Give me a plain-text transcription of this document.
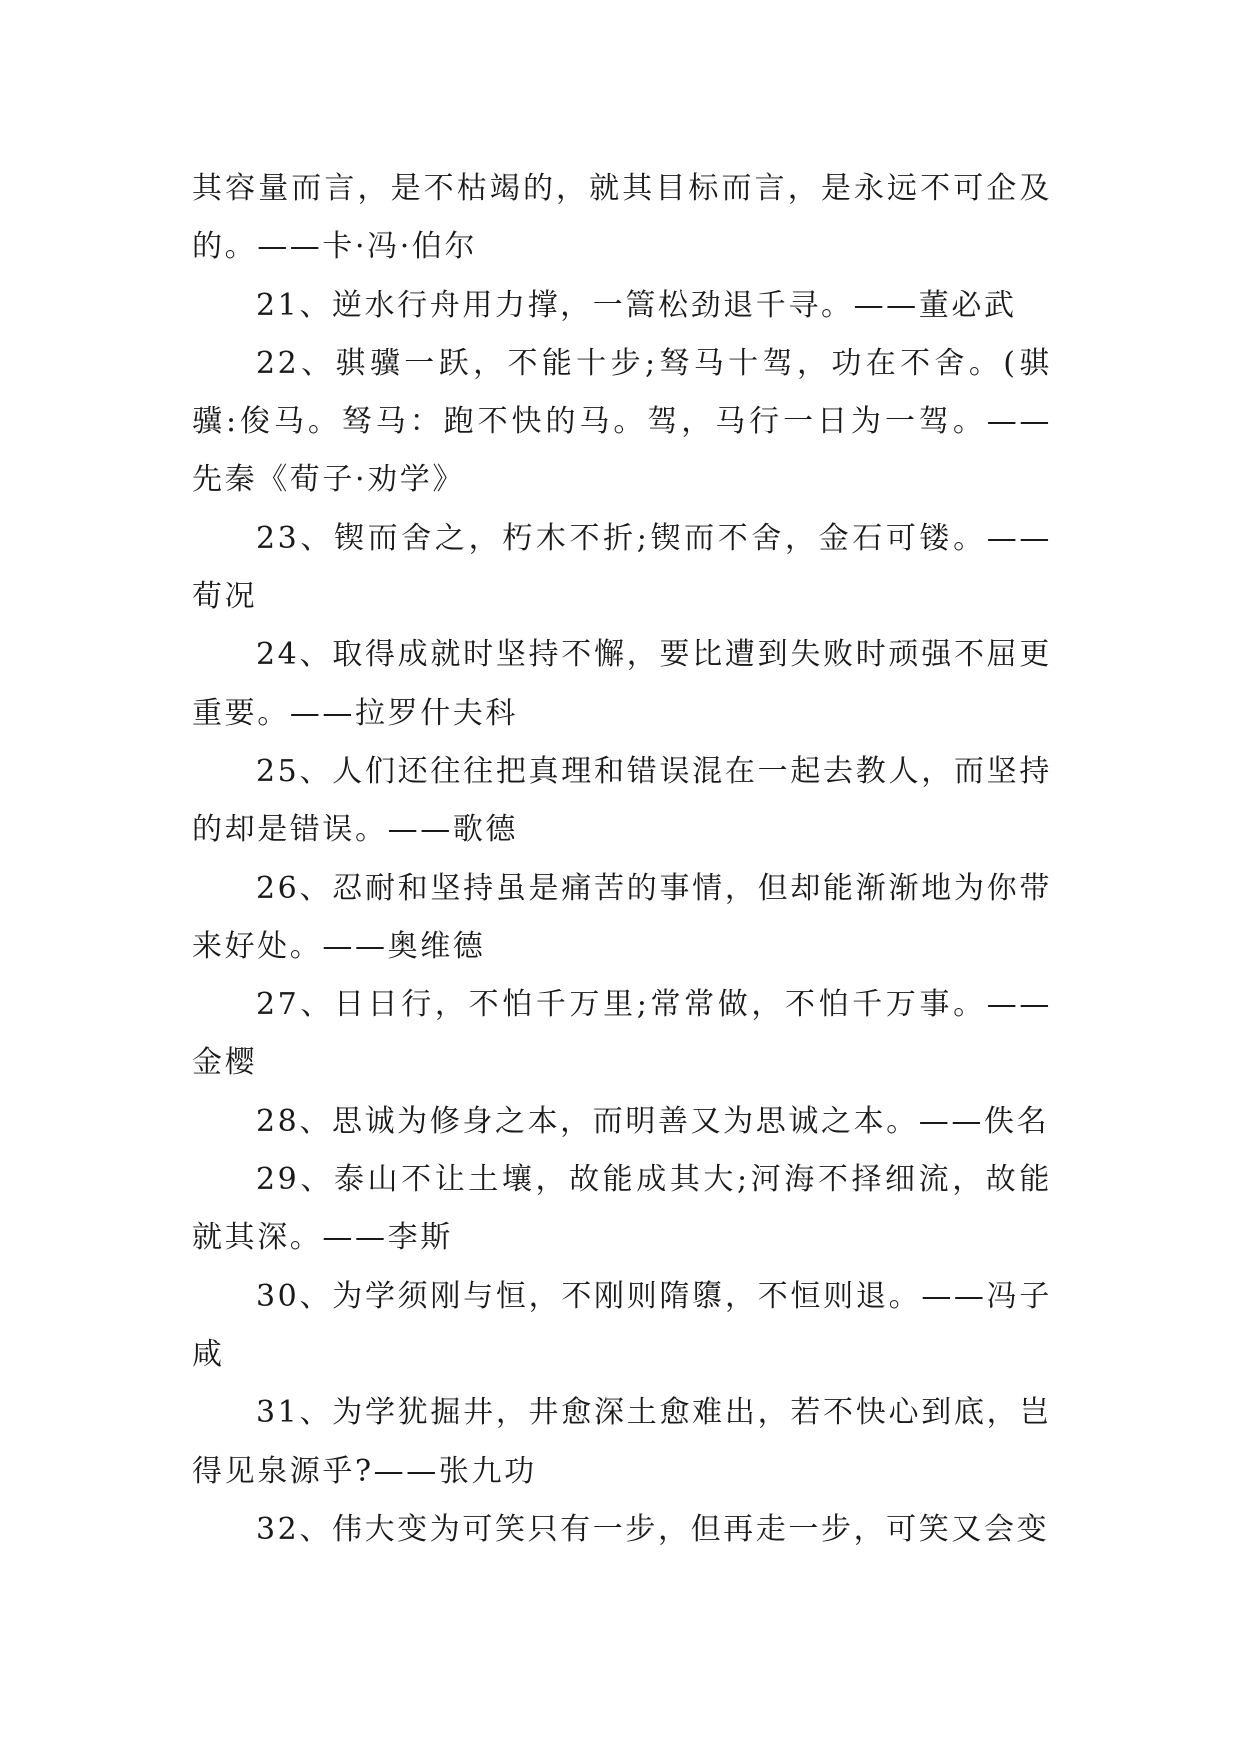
其容量而言，是不枯竭的，就其目标而言，是永远不可企及的。——卡·冯·伯尔

21、逆水行舟用力撑，一篙松劲退千寻。——董必武

22、骐骥一跃，不能十步;驽马十驾，功在不舍。(骐骥:俊马。驽马：跑不快的马。驾，马行一日为一驾。——先秦《荀子·劝学》

23、锲而舍之，朽木不折;锲而不舍，金石可镂。——荀况

24、取得成就时坚持不懈，要比遭到失败时顽强不屈更重要。——拉罗什夫科

25、人们还往往把真理和错误混在一起去教人，而坚持的却是错误。——歌德

26、忍耐和坚持虽是痛苦的事情，但却能渐渐地为你带来好处。——奥维德

27、日日行，不怕千万里;常常做，不怕千万事。——金樱

28、思诚为修身之本，而明善又为思诚之本。——佚名

29、泰山不让土壤，故能成其大;河海不择细流，故能就其深。——李斯

30、为学须刚与恒，不刚则隋隳，不恒则退。——冯子咸

31、为学犹掘井，井愈深土愈难出，若不快心到底，岂得见泉源乎?——张九功

32、伟大变为可笑只有一步，但再走一步，可笑又会变
